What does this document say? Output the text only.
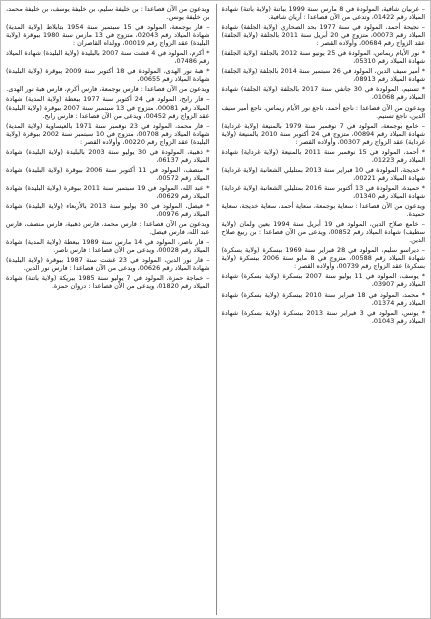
– عربيان شافية، المولودة في 8 مارس سنة 1999 بباتنة (ولاية باتنة) شهادة الميلاد رقم 01422، وتدعى من الآن فصاعدا : أريان شافية.

– نجيحة أحمد، المولود في سنة 1977 بحد الصحاري (ولاية الجلفة) شهادة الميلاد رقم 00073، متزوج في 20 أبريل سنة 2011 بالجلفة (ولاية الجلفة) عقد الزواج رقم 00684، وأولاده القصر :

* نور الأيام ريماس، المولودة في 25 يونيو سنة 2012 بالجلفة (ولاية الجلفة) شهادة الميلاد رقم 05310،

* أمير سيف الدين، المولود في 26 سبتمبر سنة 2014 بالجلفة (ولاية الجلفة) شهادة الميلاد رقم 08913،

* تسنيم، المولودة في 30 جانفي سنة 2017 بالجلفة (ولاية الجلفة) شهادة الميلاد رقم 01068،

ويدعون من الآن فصاعدا : ناجع أحمد، ناجع نور الأيام ريماس، ناجع أمير سيف الدين، ناجع تسنيم.

– خامع بوجمعة، المولود في 7 نوفمبر سنة 1979 بالمنيعة (ولاية غرداية) شهادة الميلاد رقم 00894، متزوج في 24 أكتوبر سنة 2010 بالمنيعة (ولاية غرداية) عقد الزواج رقم 00307، وأولاده القصر :

* أحمد، المولود في 15 نوفمبر سنة 2011 بالمنيعة (ولاية غرداية) شهادة الميلاد رقم 01223،

* خديجة، المولودة في 10 فبراير سنة 2013 بمتليلي الشعانبة (ولاية غرداية) شهادة الميلاد رقم 00221،

* حميدة، المولودة في 13 أكتوبر سنة 2016 بمتليلي الشعانبة (ولاية غرداية) شهادة الميلاد رقم 01340،

ويدعون من الآن فصاعدا : سعاية بوجمعة، سعاية أحمد، سعاية خديجة، سعاية حميدة.

– خامع صلاح الدين، المولود في 19 أبريل سنة 1994 بعين ولمان (ولاية سطيف) شهادة الميلاد رقم 00852، ويدعى من الآن فصاعدا : بن ربيع صلاح الدين.

– ديراسو سليم، المولود في 28 فبراير سنة 1969 ببسكرة (ولاية بسكرة) شهادة الميلاد رقم 00588، متزوج في 8 مايو سنة 2006 ببسكرة (ولاية بسكرة) عقد الزواج رقم 00739، وأولاده القصر :

* يوسف، المولود في 11 يوليو سنة 2007 ببسكرة (ولاية بسكرة) شهادة الميلاد رقم 03907،

* محمد، المولود في 18 فبراير سنة 2010 ببسكرة (ولاية بسكرة) شهادة الميلاد رقم 01374،

* يونس، المولود في 3 فبراير سنة 2013 ببسكرة (ولاية بسكرة) شهادة الميلاد رقم 01043،

ويدعون من الآن فصاعدا : بن خليفة سليم، بن خليفة يوسف، بن خليفة محمد، بن خليفة يونس.

– فار بوجمعة، المولود في 15 سبتمبر سنة 1954 بتابلاط (ولاية المدية) شهادة الميلاد رقم 02043، متزوج في 13 مارس سنة 1980 ببوقرة (ولاية البليدة) عقد الزواج رقم 00019، وولداه القاصران :

* أكرم، المولود في 4 فشت سنة 2007 بالبليدة (ولاية البليدة) شهادة الميلاد رقم 07486،

* هبة نور الهدى، المولودة في 18 أكتوبر سنة 2009 ببوقرة (ولاية البليدة) شهادة الميلاد رقم 00655،

ويدعون من الآن فصاعدا : فارس بوجمعة، فارس أكرم، فارس هبة نور الهدى.

– فار رابح، المولود في 24 أكتوبر سنة 1977 ببعطة (ولاية المدية) شهادة الميلاد رقم 00081، متزوج في 13 سبتمبر سنة 2007 ببوقرة (ولاية البليدة) عقد الزواج رقم 00452، ويدعى من الآن فصاعدا : فارس رابح.

– فار محمد، المولود في 23 نوفمبر سنة 1971 بالعيساوية (ولاية المدية) شهادة الميلاد رقم 00708، متزوج في 10 سبتمبر سنة 2002 ببوقرة (ولاية البليدة) عقد الزواج رقم 00220، وأولاده القصر :

* ذهبية، المولودة في 30 يوليو سنة 2003 بالبليدة (ولاية البليدة) شهادة الميلاد رقم 06137،

* منصف، المولود في 11 أكتوبر سنة 2006 ببوقرة (ولاية البليدة) شهادة الميلاد رقم 00572،

* عبد الله، المولود في 19 سبتمبر سنة 2011 ببوقرة (ولاية البليدة) شهادة الميلاد رقم 00629،

* فيصل، المولود في 30 يوليو سنة 2013 بالأربعاء (ولاية البليدة) شهادة الميلاد رقم 00976،

ويدعون من الآن فصاعدا : فارس محمد، فارس ذهبية، فارس منصف، فارس عبد الله، فارس فيصل.

– فار ناصر، المولود في 14 مارس سنة 1989 ببعطة (ولاية المدية) شهادة الميلاد رقم 00028، ويدعى من الآن فصاعدا : فارس ناصر.

– فار نور الدين، المولود في 23 غشت سنة 1987 ببوقرة (ولاية البليدة) شهادة الميلاد رقم 00626، ويدعى من الآن فصاعدا : فارس نور الدين.

– خماجة حمزة، المولود في 7 يوليو سنة 1985 ببريكة (ولاية باتنة) شهادة الميلاد رقم 01820، ويدعى من الآن فصاعدا : دروان حمزة.
